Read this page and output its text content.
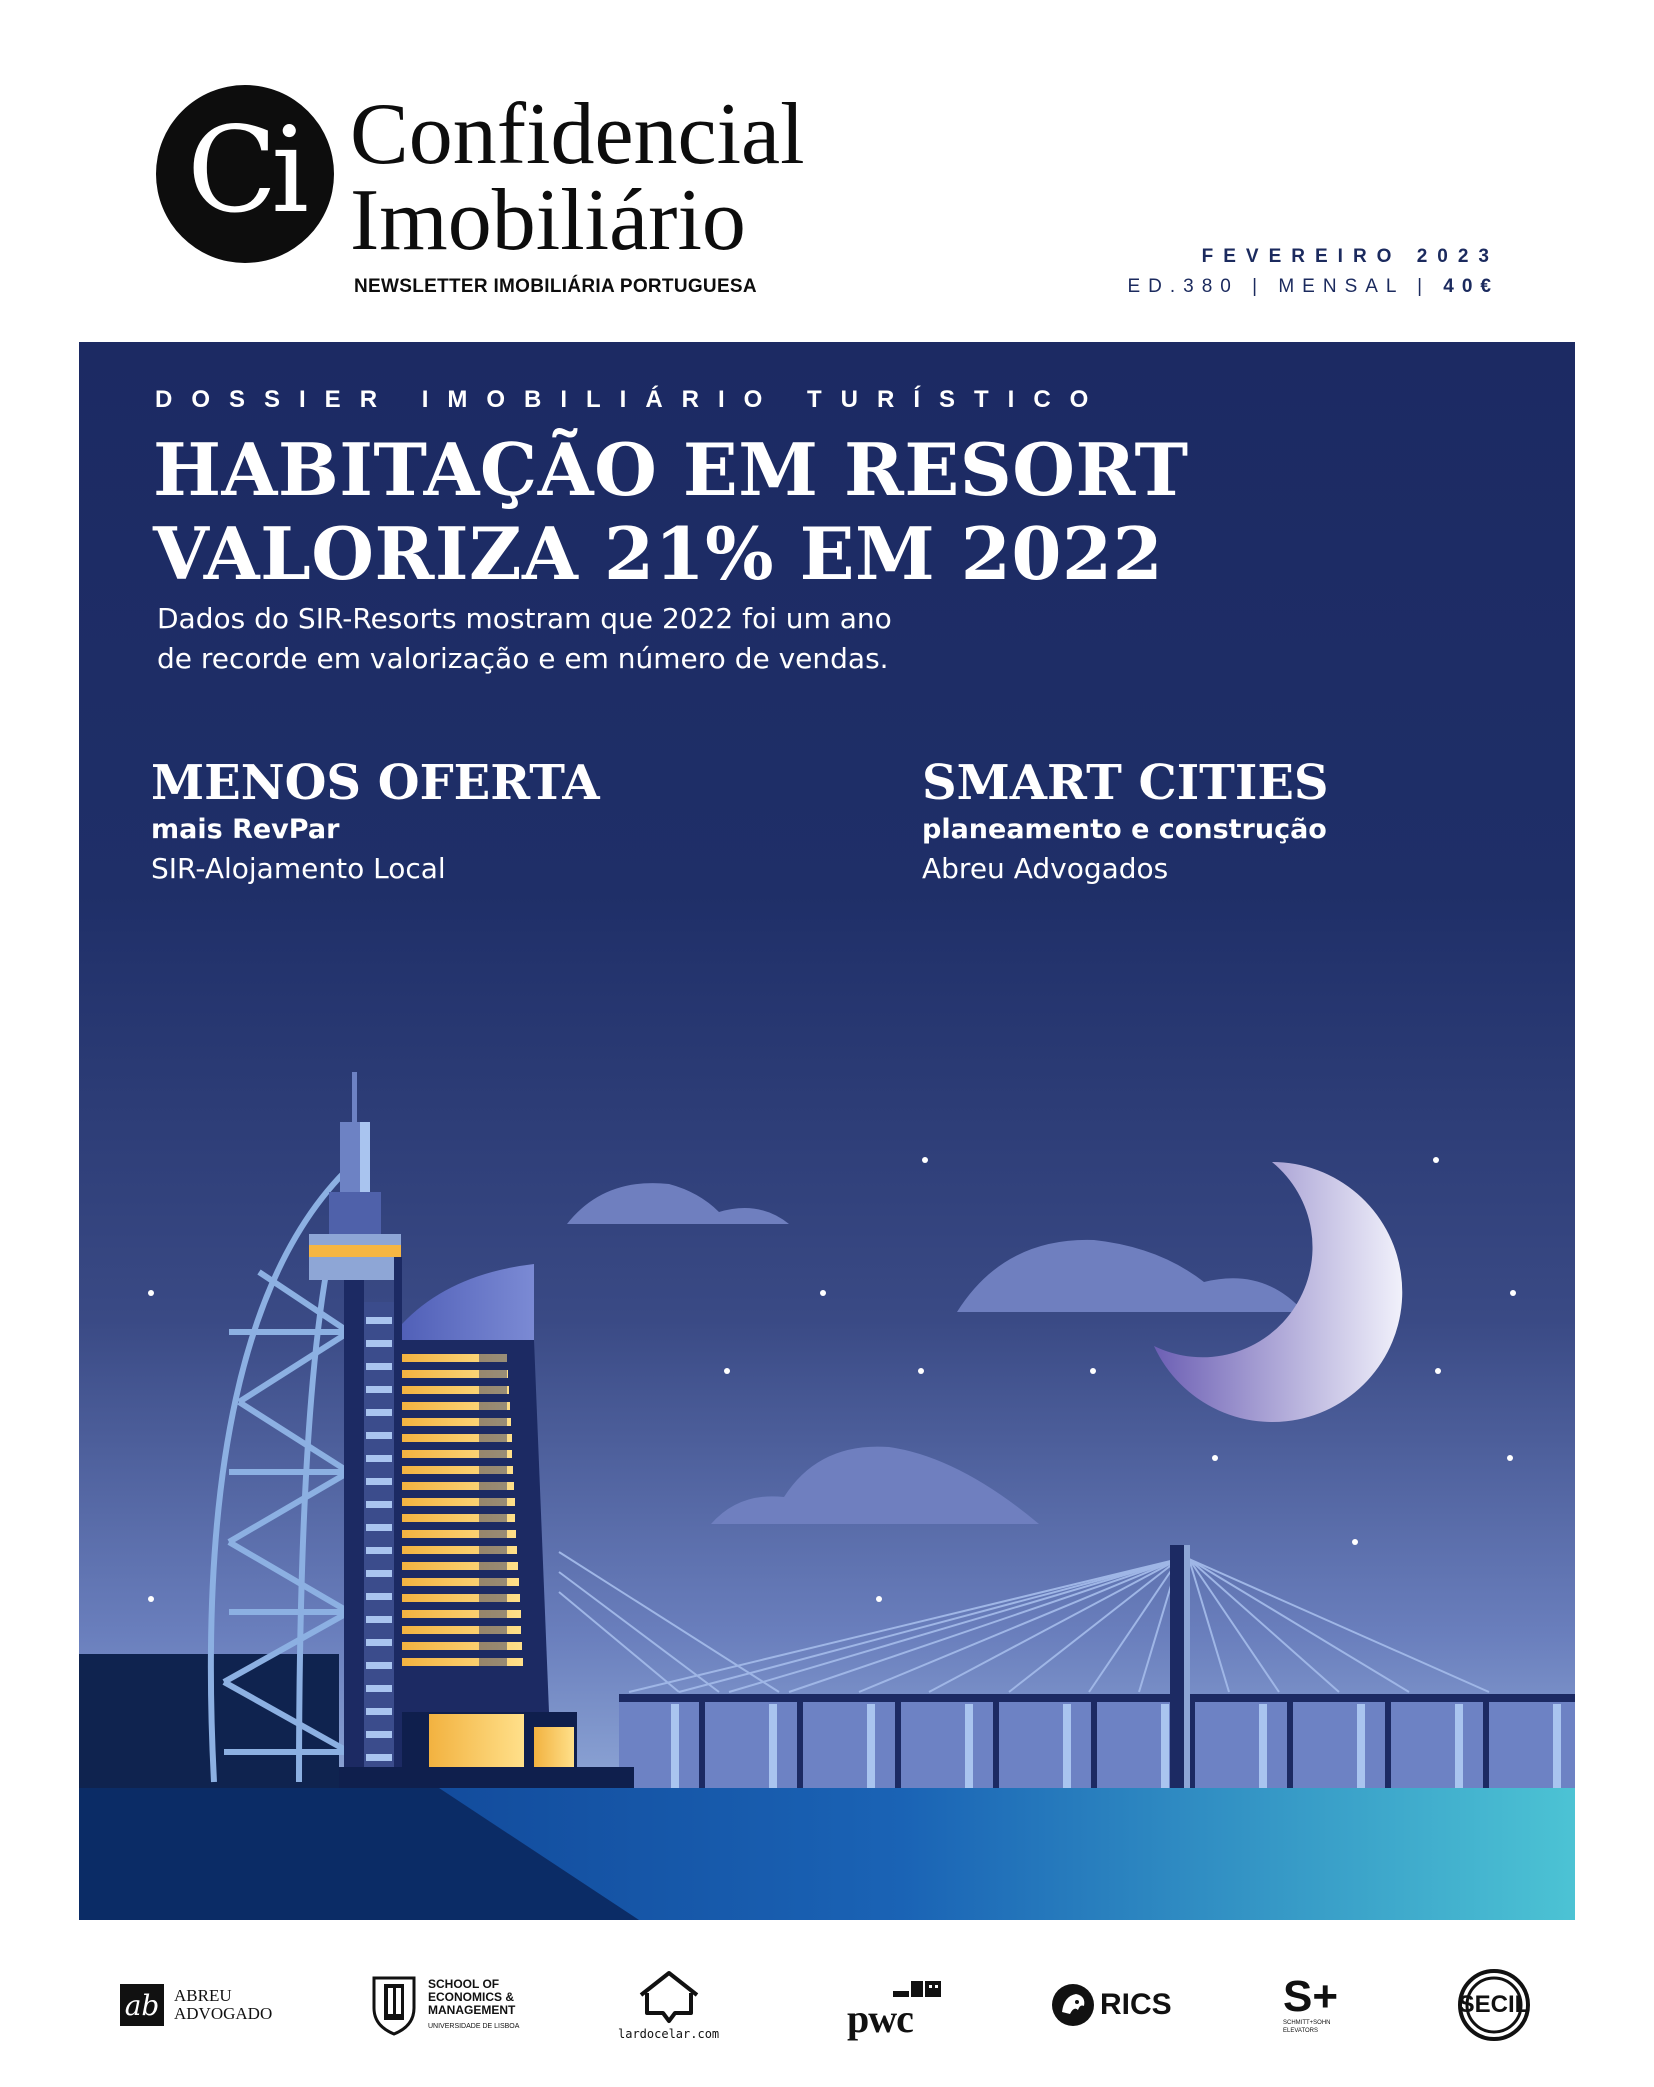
Ci Confidencial
Imobiliário
NEWSLETTER IMOBILIÁRIA PORTUGUESA
FEVEREIRO 2023
ED.380 | MENSAL | 40€
DOSSIER IMOBILIÁRIO TURÍSTICO
HABITAÇÃO EM RESORT
VALORIZA 21% EM 2022
Dados do SIR-Resorts mostram que 2022 foi um ano
de recorde em valorização e em número de vendas.
MENOS OFERTA
mais RevPar
SIR-Alojamento Local
SMART CITIES
planeamento e construção
Abreu Advogados
ab ABREU
ADVOGADO
SCHOOL OF
ECONOMICS &
MANAGEMENT
UNIVERSIDADE DE LISBOA
lardocelar.com	pwc	RICS	S+
SCHMITT+SOHN
ELEVATORS
SECIL
